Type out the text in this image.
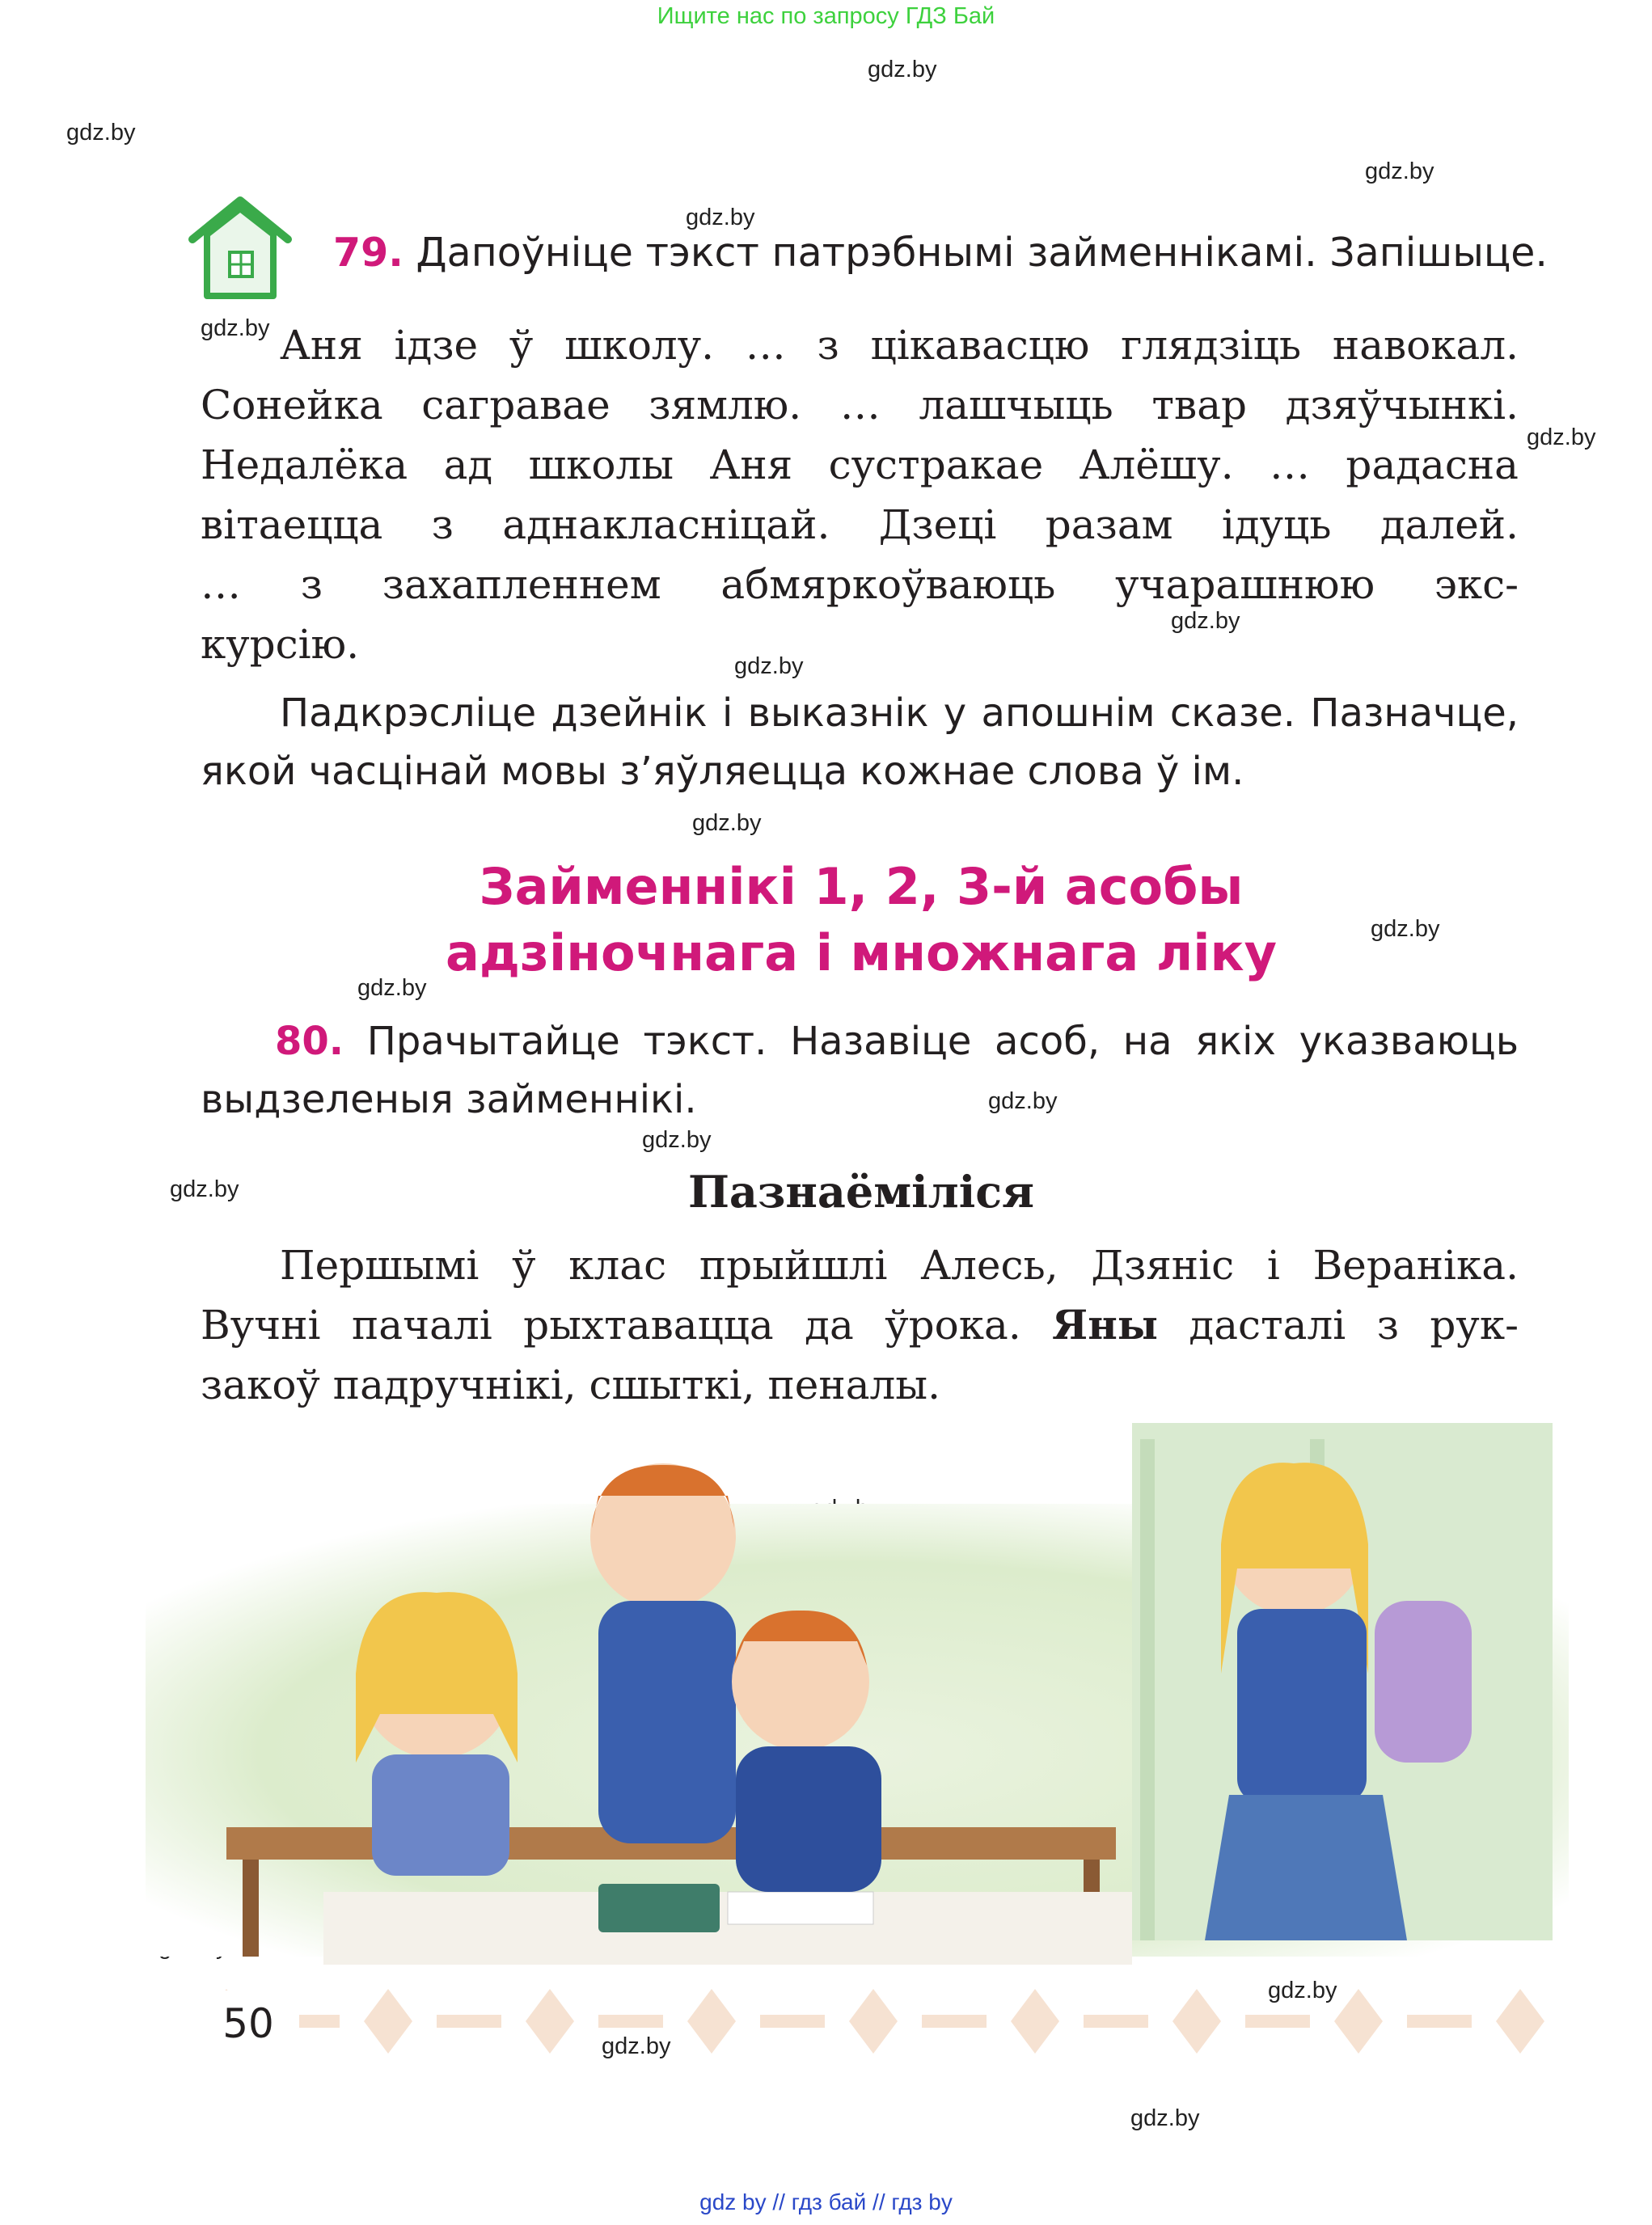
Ищите нас по запросу ГДЗ Бай
gdz.by
gdz.by
gdz.by
gdz.by
gdz.by
gdz.by
gdz.by
gdz.by
gdz.by
gdz.by
gdz.by
gdz.by
gdz.by
gdz.by
gdz.by
gdz.by
gdz.by
79. Дапоўніце тэкст патрэбнымі займеннікамі. Запішыце.
Аня ідзе ў школу. … з цікавасцю глядзіць навокал.
Сонейка саграваe зямлю. … лашчыць твар дзяўчынкі.
Недалёка ад школы Аня сустракае Алёшу. … радасна
вітаецца з аднакласніцай. Дзеці разам ідуць далей.
… з захапленнем абмяркоўваюць учарашнюю экс-
курсію.
Падкрэсліце дзейнік і выказнік у апошнім сказе. Пазначце,
якой часцінай мовы з’яўляецца кожнае слова ў ім.
Займеннікі 1, 2, 3-й асобы
адзіночнага і множнага ліку
80. Прачытайце тэкст. Назавіце асоб, на якіх указваюць
выдзеленыя займеннікі.
Пазнаёміліся
Першымі ў клас прыйшлі Алесь, Дзяніс і Вераніка.
Вучні пачалі рыхтавацца да ўрока. Яны дасталі з рук-
закоў падручнікі, сшыткі, пеналы.
50
gdz by // гдз бай // гдз by
